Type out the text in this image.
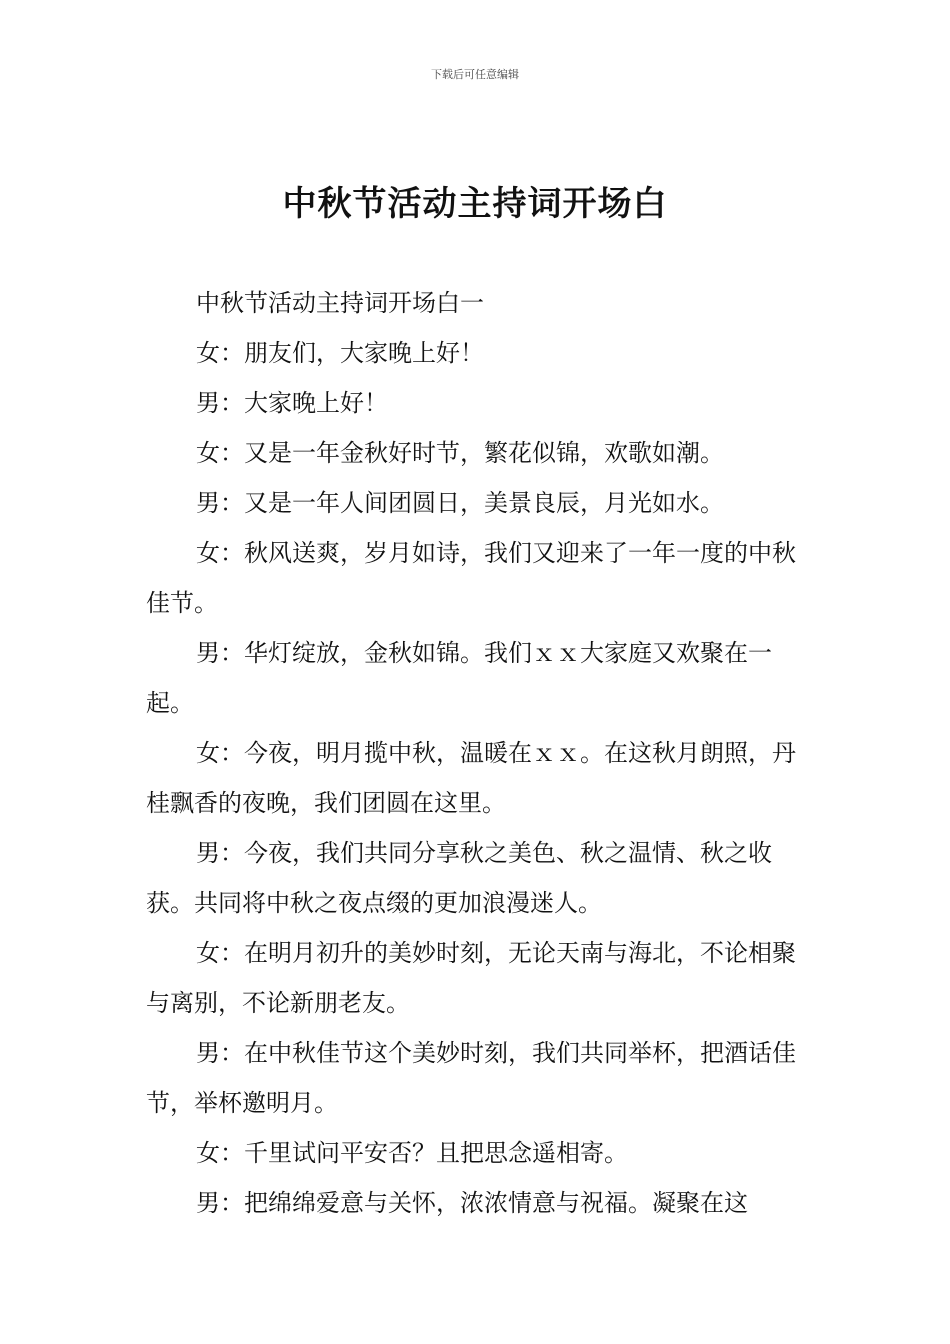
下载后可任意编辑
中秋节活动主持词开场白

中秋节活动主持词开场白一

女：朋友们，大家晚上好！

男：大家晚上好！

女：又是一年金秋好时节，繁花似锦，欢歌如潮。

男：又是一年人间团圆日，美景良辰，月光如水。

女：秋风送爽，岁月如诗，我们又迎来了一年一度的中秋佳节。

男：华灯绽放，金秋如锦。我们ｘｘ大家庭又欢聚在一起。

女：今夜，明月揽中秋，温暖在ｘｘ。在这秋月朗照，丹桂飘香的夜晚，我们团圆在这里。

男：今夜，我们共同分享秋之美色、秋之温情、秋之收获。共同将中秋之夜点缀的更加浪漫迷人。

女：在明月初升的美妙时刻，无论天南与海北，不论相聚与离别，不论新朋老友。

男：在中秋佳节这个美妙时刻，我们共同举杯，把酒话佳节，举杯邀明月。

女：千里试问平安否？且把思念遥相寄。

男：把绵绵爱意与关怀，浓浓情意与祝福。凝聚在这
